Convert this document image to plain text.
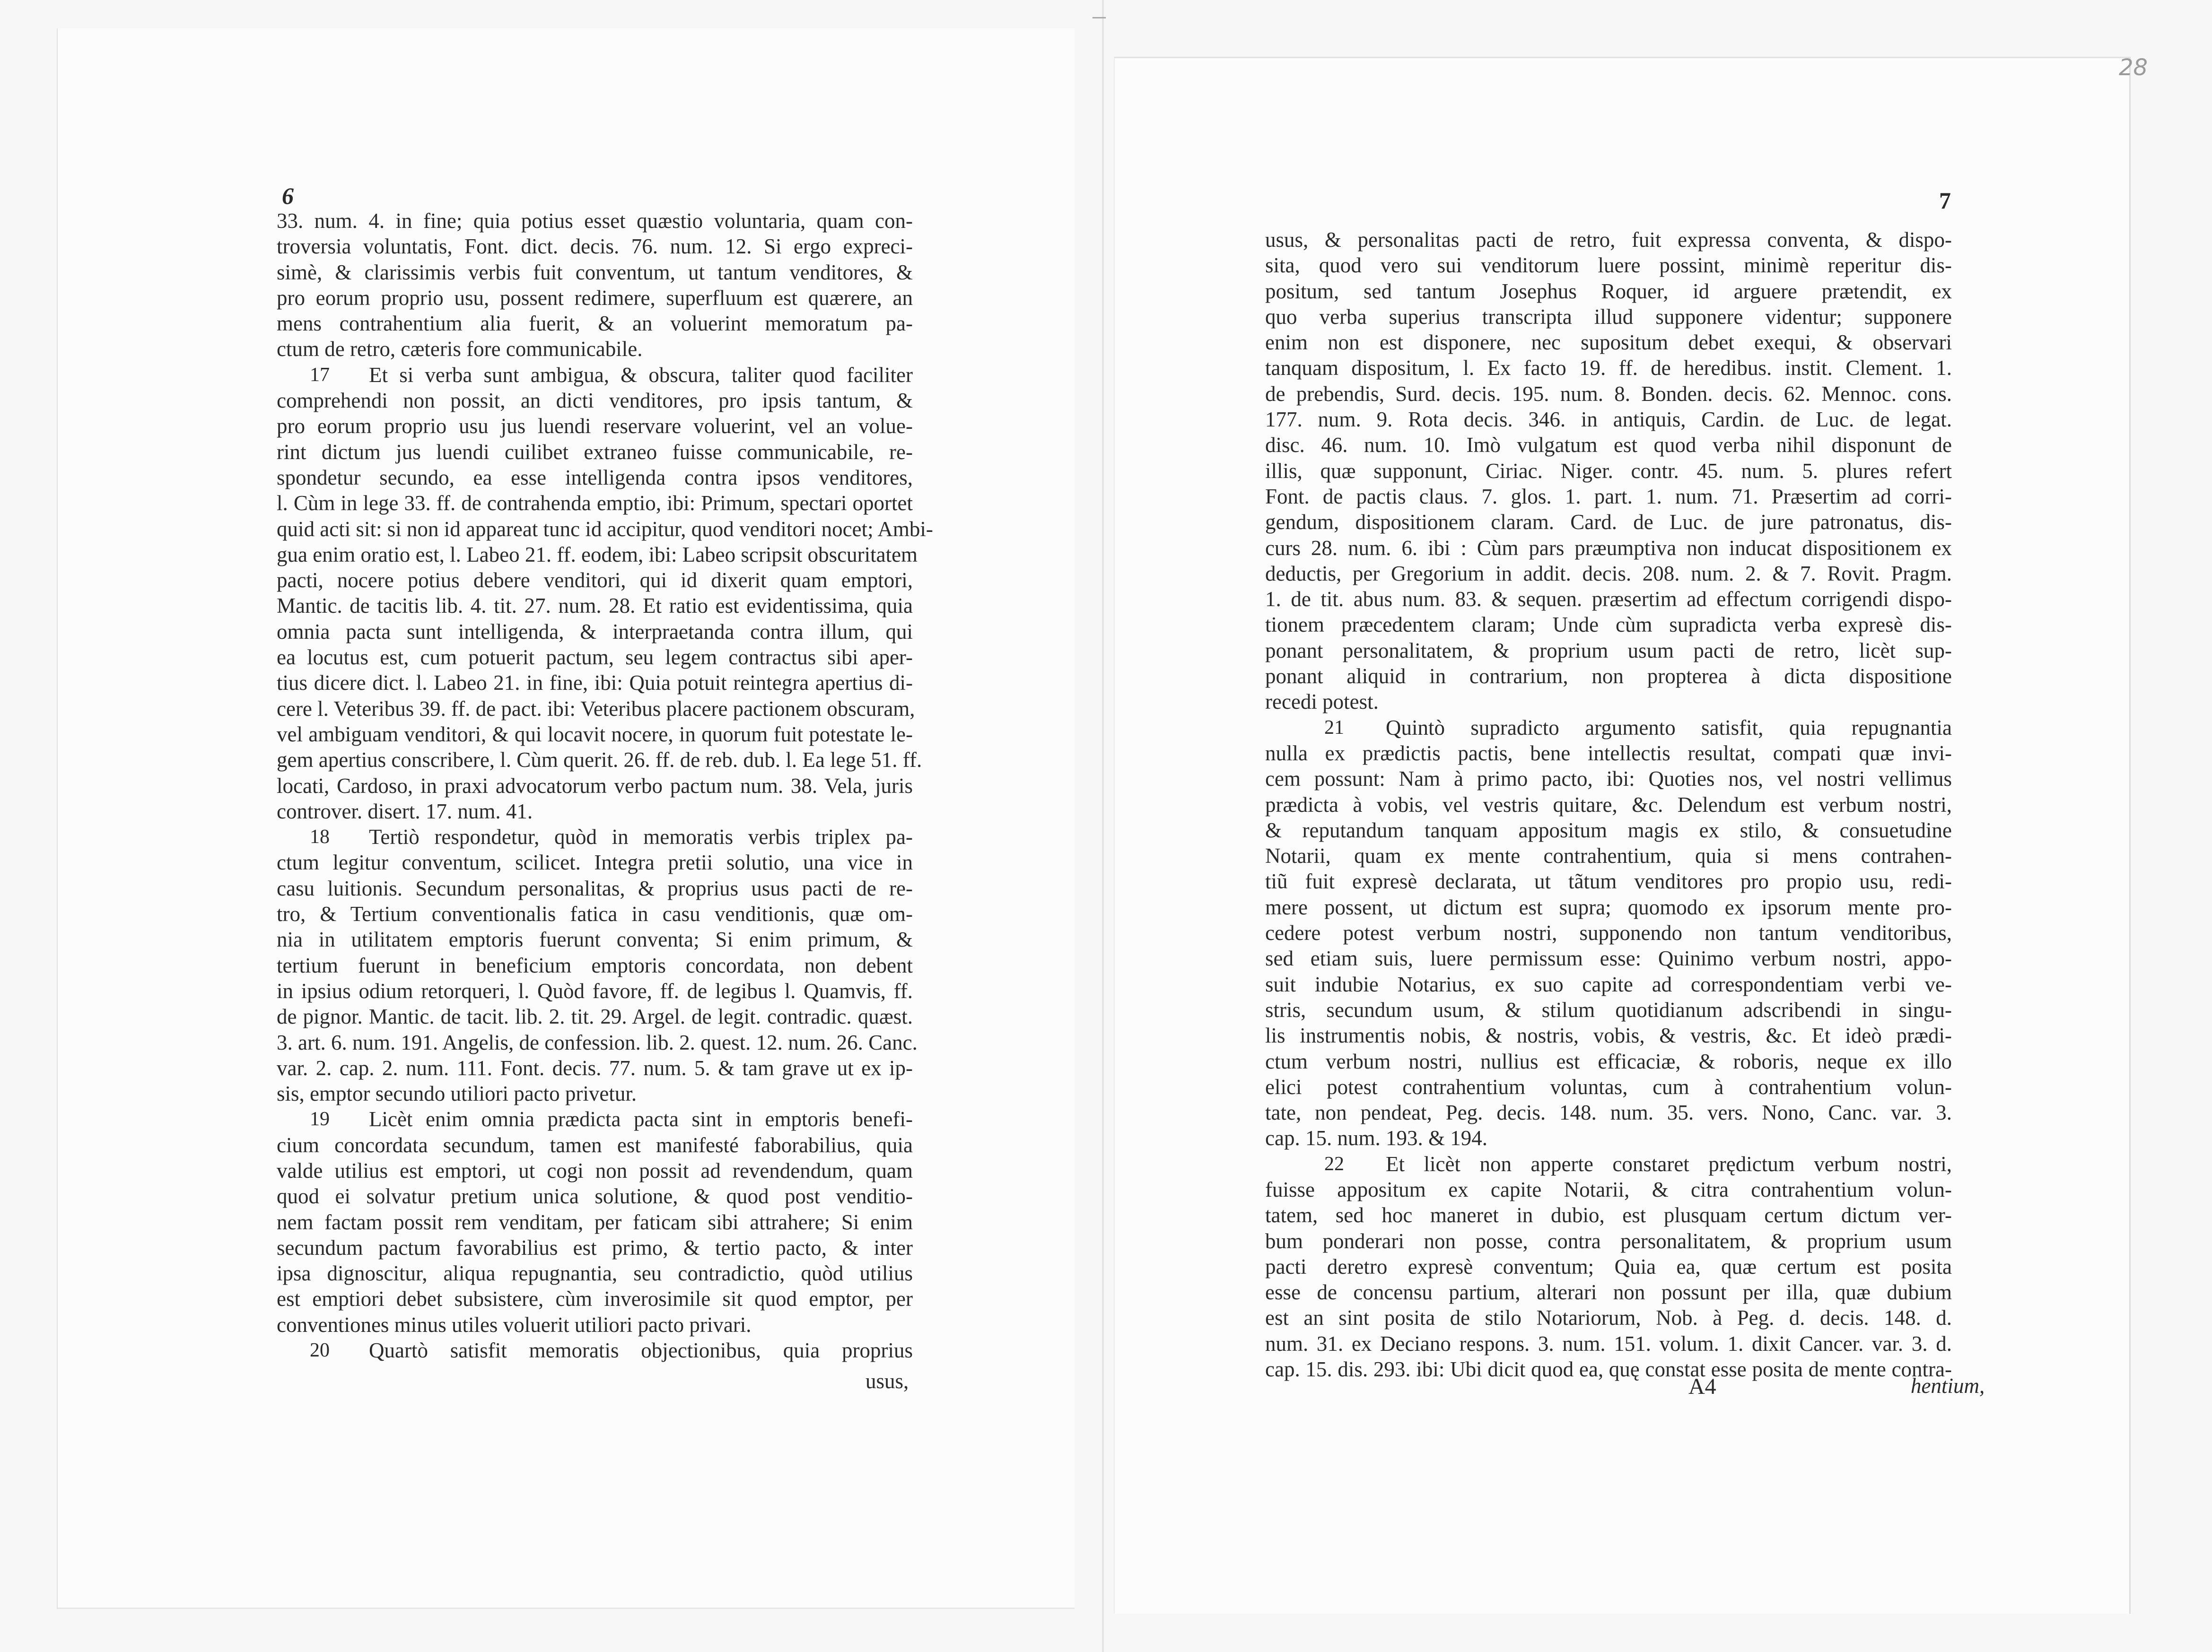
6
33. num. 4. in fine; quia potius esset quæstio voluntaria, quam con-
troversia voluntatis, Font. dict. decis. 76. num. 12. Si ergo expreci-
simè, & clarissimis verbis fuit conventum, ut tantum venditores, &
pro eorum proprio usu, possent redimere, superfluum est quærere, an
mens contrahentium alia fuerit, & an voluerint memoratum pa-
ctum de retro, cæteris fore communicabile.
17 Et si verba sunt ambigua, & obscura, taliter quod faciliter
comprehendi non possit, an dicti venditores, pro ipsis tantum, &
pro eorum proprio usu jus luendi reservare voluerint, vel an volue-
rint dictum jus luendi cuilibet extraneo fuisse communicabile, re-
spondetur secundo, ea esse intelligenda contra ipsos venditores,
l. Cùm in lege 33. ff. de contrahenda emptio, ibi: Primum, spectari oportet
quid acti sit: si non id appareat tunc id accipitur, quod venditori nocet; Ambi-
gua enim oratio est, l. Labeo 21. ff. eodem, ibi: Labeo scripsit obscuritatem
pacti, nocere potius debere venditori, qui id dixerit quam emptori,
Mantic. de tacitis lib. 4. tit. 27. num. 28. Et ratio est evidentissima, quia
omnia pacta sunt intelligenda, & interpraetanda contra illum, qui
ea locutus est, cum potuerit pactum, seu legem contractus sibi aper-
tius dicere dict. l. Labeo 21. in fine, ibi: Quia potuit reintegra apertius di-
cere l. Veteribus 39. ff. de pact. ibi: Veteribus placere pactionem obscuram,
vel ambiguam venditori, & qui locavit nocere, in quorum fuit potestate le-
gem apertius conscribere, l. Cùm querit. 26. ff. de reb. dub. l. Ea lege 51. ff.
locati, Cardoso, in praxi advocatorum verbo pactum num. 38. Vela, juris
controver. disert. 17. num. 41.
18 Tertiò respondetur, quòd in memoratis verbis triplex pa-
ctum legitur conventum, scilicet. Integra pretii solutio, una vice in
casu luitionis. Secundum personalitas, & proprius usus pacti de re-
tro, & Tertium conventionalis fatica in casu venditionis, quæ om-
nia in utilitatem emptoris fuerunt conventa; Si enim primum, &
tertium fuerunt in beneficium emptoris concordata, non debent
in ipsius odium retorqueri, l. Quòd favore, ff. de legibus l. Quamvis, ff.
de pignor. Mantic. de tacit. lib. 2. tit. 29. Argel. de legit. contradic. quæst.
3. art. 6. num. 191. Angelis, de confession. lib. 2. quest. 12. num. 26. Canc.
var. 2. cap. 2. num. 111. Font. decis. 77. num. 5. & tam grave ut ex ip-
sis, emptor secundo utiliori pacto privetur.
19 Licèt enim omnia prædicta pacta sint in emptoris benefi-
cium concordata secundum, tamen est manifesté faborabilius, quia
valde utilius est emptori, ut cogi non possit ad revendendum, quam
quod ei solvatur pretium unica solutione, & quod post venditio-
nem factam possit rem venditam, per faticam sibi attrahere; Si enim
secundum pactum favorabilius est primo, & tertio pacto, & inter
ipsa dignoscitur, aliqua repugnantia, seu contradictio, quòd utilius
est emptiori debet subsistere, cùm inverosimile sit quod emptor, per
conventiones minus utiles voluerit utiliori pacto privari.
20 Quartò satisfit memoratis objectionibus, quia proprius
usus,
28
7
usus, & personalitas pacti de retro, fuit expressa conventa, & dispo-
sita, quod vero sui venditorum luere possint, minimè reperitur dis-
positum, sed tantum Josephus Roquer, id arguere prætendit, ex
quo verba superius transcripta illud supponere videntur; supponere
enim non est disponere, nec supositum debet exequi, & observari
tanquam dispositum, l. Ex facto 19. ff. de heredibus. instit. Clement. 1.
de prebendis, Surd. decis. 195. num. 8. Bonden. decis. 62. Mennoc. cons.
177. num. 9. Rota decis. 346. in antiquis, Cardin. de Luc. de legat.
disc. 46. num. 10. Imò vulgatum est quod verba nihil disponunt de
illis, quæ supponunt, Ciriac. Niger. contr. 45. num. 5. plures refert
Font. de pactis claus. 7. glos. 1. part. 1. num. 71. Præsertim ad corri-
gendum, dispositionem claram. Card. de Luc. de jure patronatus, dis-
curs 28. num. 6. ibi : Cùm pars præumptiva non inducat dispositionem ex
deductis, per Gregorium in addit. decis. 208. num. 2. & 7. Rovit. Pragm.
1. de tit. abus num. 83. & sequen. præsertim ad effectum corrigendi dispo-
tionem præcedentem claram; Unde cùm supradicta verba expresè dis-
ponant personalitatem, & proprium usum pacti de retro, licèt sup-
ponant aliquid in contrarium, non propterea à dicta dispositione
recedi potest.
21 Quintò supradicto argumento satisfit, quia repugnantia
nulla ex prædictis pactis, bene intellectis resultat, compati quæ invi-
cem possunt: Nam à primo pacto, ibi: Quoties nos, vel nostri vellimus
prædicta à vobis, vel vestris quitare, &c. Delendum est verbum nostri,
& reputandum tanquam appositum magis ex stilo, & consuetudine
Notarii, quam ex mente contrahentium, quia si mens contrahen-
tiũ fuit expresè declarata, ut tãtum venditores pro propio usu, redi-
mere possent, ut dictum est supra; quomodo ex ipsorum mente pro-
cedere potest verbum nostri, supponendo non tantum venditoribus,
sed etiam suis, luere permissum esse: Quinimo verbum nostri, appo-
suit indubie Notarius, ex suo capite ad correspondentiam verbi ve-
stris, secundum usum, & stilum quotidianum adscribendi in singu-
lis instrumentis nobis, & nostris, vobis, & vestris, &c. Et ideò prædi-
ctum verbum nostri, nullius est efficaciæ, & roboris, neque ex illo
elici potest contrahentium voluntas, cum à contrahentium volun-
tate, non pendeat, Peg. decis. 148. num. 35. vers. Nono, Canc. var. 3.
cap. 15. num. 193. & 194.
22 Et licèt non apperte constaret prędictum verbum nostri,
fuisse appositum ex capite Notarii, & citra contrahentium volun-
tatem, sed hoc maneret in dubio, est plusquam certum dictum ver-
bum ponderari non posse, contra personalitatem, & proprium usum
pacti deretro expresè conventum; Quia ea, quæ certum est posita
esse de concensu partium, alterari non possunt per illa, quæ dubium
est an sint posita de stilo Notariorum, Nob. à Peg. d. decis. 148. d.
num. 31. ex Deciano respons. 3. num. 151. volum. 1. dixit Cancer. var. 3. d.
cap. 15. dis. 293. ibi: Ubi dicit quod ea, quę constat esse posita de mente contra-
A4	hentium,
